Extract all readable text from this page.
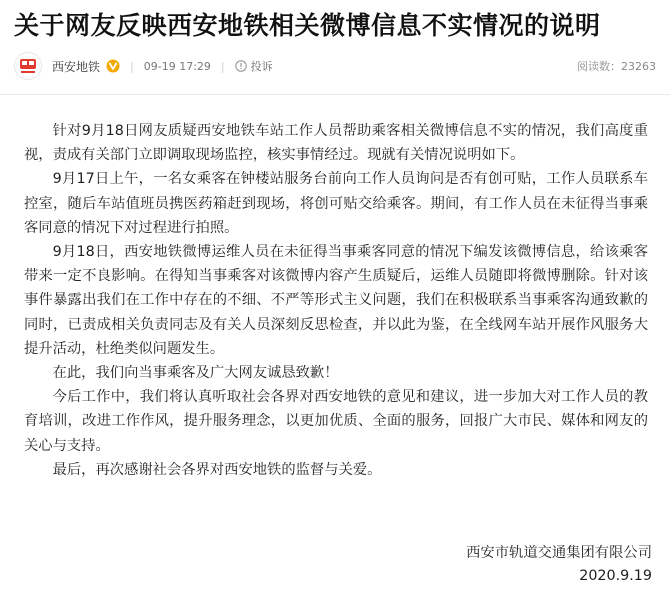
关于网友反映西安地铁相关微博信息不实情况的说明
西安地铁	| 09-19 17:29 | 投诉	阅读数：23263

针对9月18日网友质疑西安地铁车站工作人员帮助乘客相关微博信息不实的情况，我们高度重视，责成有关部门立即调取现场监控，核实事情经过。现就有关情况说明如下。

9月17日上午，一名女乘客在钟楼站服务台前向工作人员询问是否有创可贴，工作人员联系车控室，随后车站值班员携医药箱赶到现场，将创可贴交给乘客。期间，有工作人员在未征得当事乘客同意的情况下对过程进行拍照。

9月18日，西安地铁微博运维人员在未征得当事乘客同意的情况下编发该微博信息，给该乘客带来一定不良影响。在得知当事乘客对该微博内容产生质疑后，运维人员随即将微博删除。针对该事件暴露出我们在工作中存在的不细、不严等形式主义问题，我们在积极联系当事乘客沟通致歉的同时，已责成相关负责同志及有关人员深刻反思检查，并以此为鉴，在全线网车站开展作风服务大提升活动，杜绝类似问题发生。

在此，我们向当事乘客及广大网友诚恳致歉！

今后工作中，我们将认真听取社会各界对西安地铁的意见和建议，进一步加大对工作人员的教育培训，改进工作作风，提升服务理念，以更加优质、全面的服务，回报广大市民、媒体和网友的关心与支持。

最后，再次感谢社会各界对西安地铁的监督与关爱。

西安市轨道交通集团有限公司
2020.9.19
